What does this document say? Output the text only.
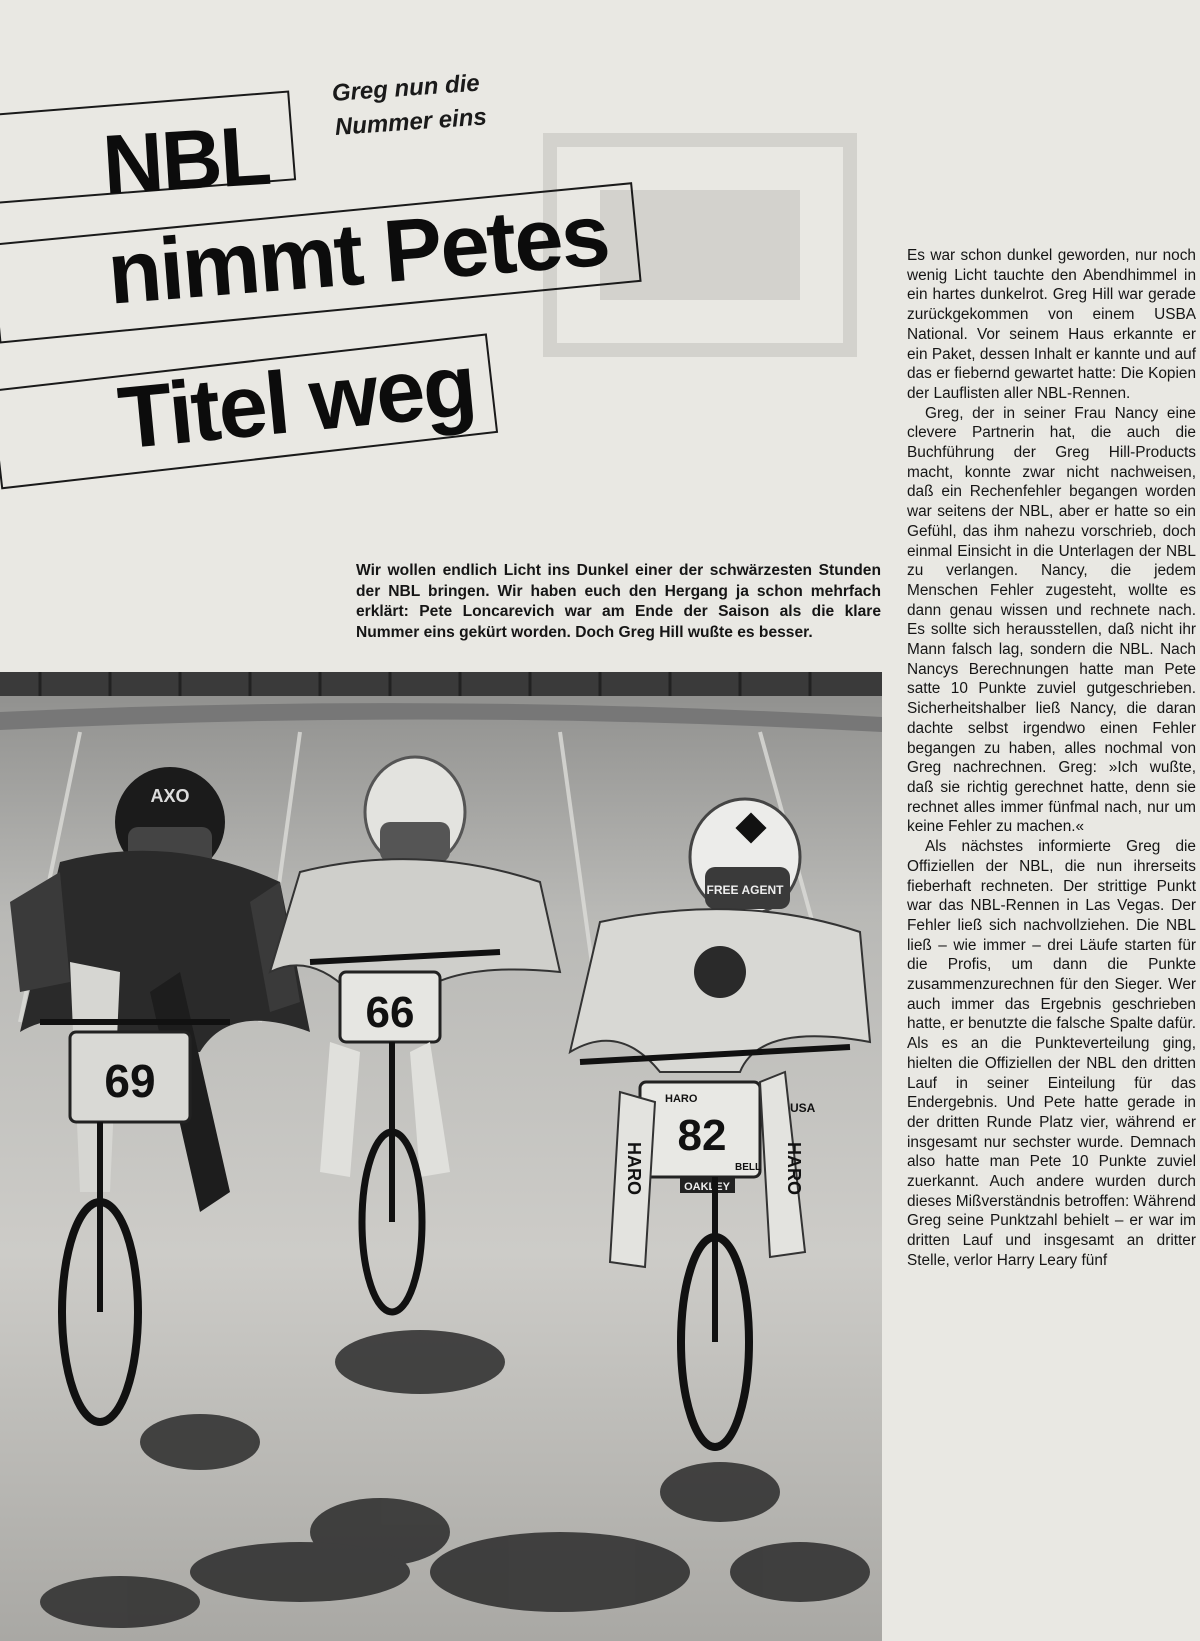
NBL
nimmt Petes
Titel weg
Greg nun die
Nummer eins
Wir wollen endlich Licht ins Dunkel einer der schwärzesten Stunden der NBL bringen. Wir haben euch den Hergang ja schon mehrfach erklärt: Pete Loncarevich war am Ende der Saison als die klare Nummer eins gekürt worden. Doch Greg Hill wußte es besser.
69
AXO
66
FREE AGENT
HARO
82
BELL
OAKLEY
HARO	HARO
USA

Es war schon dunkel geworden, nur noch wenig Licht tauchte den Abendhimmel in ein hartes dunkelrot. Greg Hill war gerade zurückgekommen von einem USBA National. Vor seinem Haus erkannte er ein Paket, dessen Inhalt er kannte und auf das er fiebernd gewartet hatte: Die Kopien der Lauflisten aller NBL-Rennen.

Greg, der in seiner Frau Nancy eine clevere Partnerin hat, die auch die Buchführung der Greg Hill-Products macht, konnte zwar nicht nachweisen, daß ein Rechenfehler begangen worden war seitens der NBL, aber er hatte so ein Gefühl, das ihm nahezu vorschrieb, doch einmal Einsicht in die Unterlagen der NBL zu verlangen. Nancy, die jedem Menschen Fehler zugesteht, wollte es dann genau wissen und rechnete nach. Es sollte sich herausstellen, daß nicht ihr Mann falsch lag, sondern die NBL. Nach Nancys Berechnungen hatte man Pete satte 10 Punkte zuviel gutgeschrieben. Sicherheitshalber ließ Nancy, die daran dachte selbst irgendwo einen Fehler begangen zu haben, alles nochmal von Greg nachrechnen. Greg: »Ich wußte, daß sie richtig gerechnet hatte, denn sie rechnet alles immer fünfmal nach, nur um keine Fehler zu machen.«

Als nächstes informierte Greg die Offiziellen der NBL, die nun ihrerseits fieberhaft rechneten. Der strittige Punkt war das NBL-Rennen in Las Vegas. Der Fehler ließ sich nachvollziehen. Die NBL ließ – wie immer – drei Läufe starten für die Profis, um dann die Punkte zusammenzurechnen für den Sieger. Wer auch immer das Ergebnis geschrieben hatte, er benutzte die falsche Spalte dafür. Als es an die Punkteverteilung ging, hielten die Offiziellen der NBL den dritten Lauf in seiner Einteilung für das Endergebnis. Und Pete hatte gerade in der dritten Runde Platz vier, während er insgesamt nur sechster wurde. Demnach also hatte man Pete 10 Punkte zuviel zuerkannt. Auch andere wurden durch dieses Mißverständnis betroffen: Während Greg seine Punktzahl behielt – er war im dritten Lauf und insgesamt an dritter Stelle, verlor Harry Leary fünf
